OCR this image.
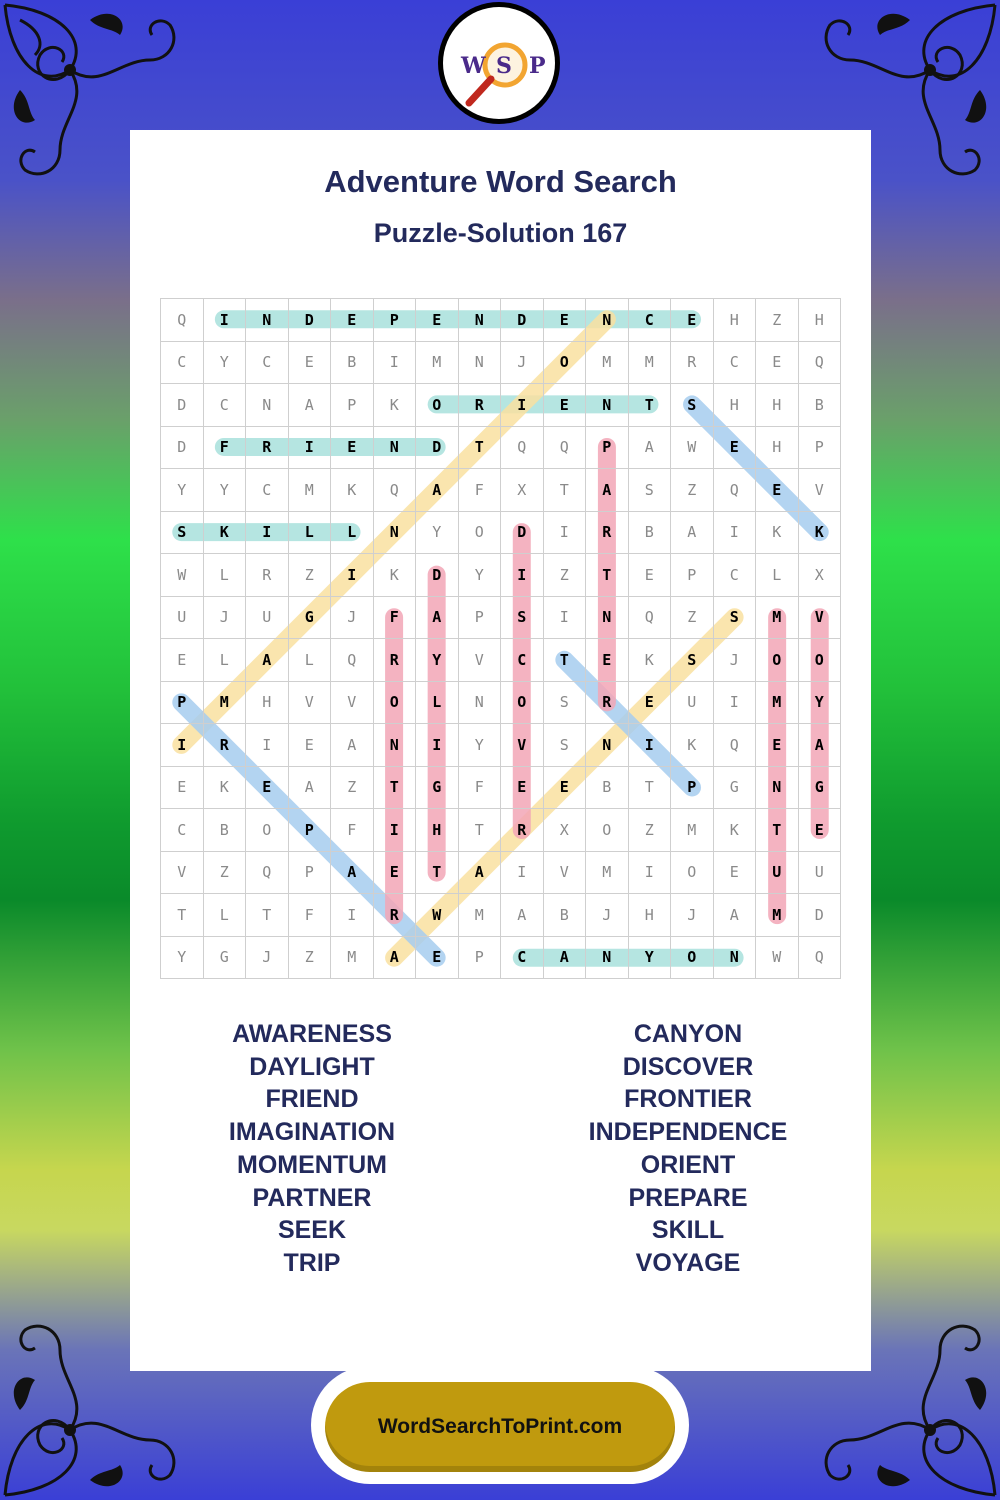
W S P
Adventure Word Search
Puzzle-Solution 167
Q	I	N	D	E	P	E	N	D	E	N	C	E	H	Z	H
C	Y	C	E	B	I	M	N	J	O	M	M	R	C	E	Q
D	C	N	A	P	K	O	R	I	E	N	T	S	H	H	B
D	F	R	I	E	N	D	T	Q	Q	P	A	W	E	H	P
Y	Y	C	M	K	Q	A	F	X	T	A	S	Z	Q	E	V
S	K	I	L	L	N	Y	O	D	I	R	B	A	I	K	K
W	L	R	Z	I	K	D	Y	I	Z	T	E	P	C	L	X
U	J	U	G	J	F	A	P	S	I	N	Q	Z	S	M	V
E	L	A	L	Q	R	Y	V	C	T	E	K	S	J	O	O
P	M	H	V	V	O	L	N	O	S	R	E	U	I	M	Y
I	R	I	E	A	N	I	Y	V	S	N	I	K	Q	E	A
E	K	E	A	Z	T	G	F	E	E	B	T	P	G	N	G
C	B	O	P	F	I	H	T	R	X	O	Z	M	K	T	E
V	Z	Q	P	A	E	T	A	I	V	M	I	O	E	U	U
T	L	T	F	I	R	W	M	A	B	J	H	J	A	M	D
Y	G	J	Z	M	A	E	P	C	A	N	Y	O	N	W	Q
AWARENESS
DAYLIGHT
FRIEND
IMAGINATION
MOMENTUM
PARTNER
SEEK
TRIP
CANYON
DISCOVER
FRONTIER
INDEPENDENCE
ORIENT
PREPARE
SKILL
VOYAGE
WordSearchToPrint.com
